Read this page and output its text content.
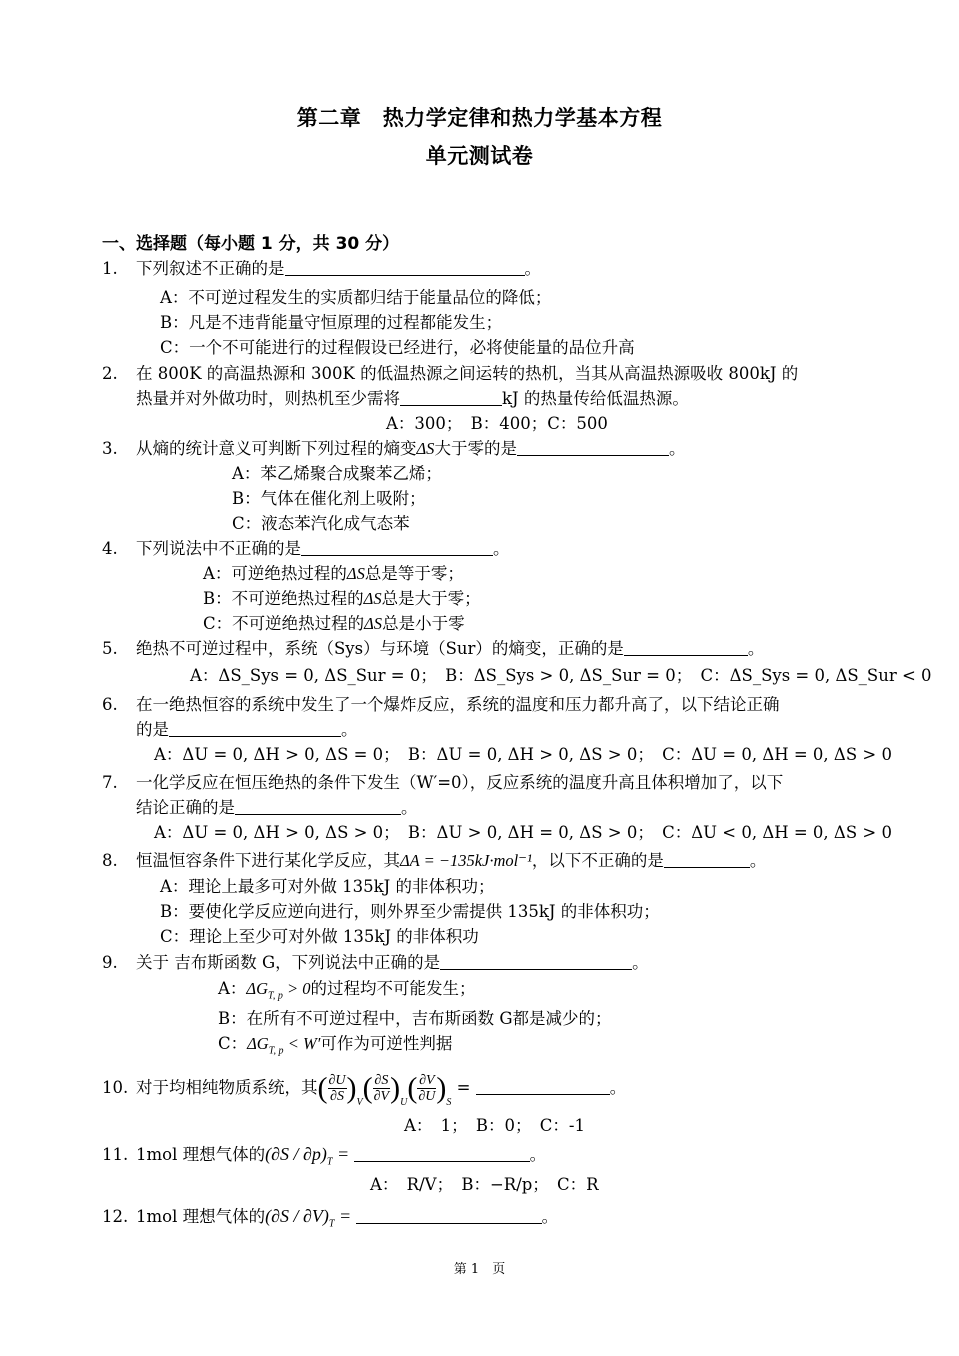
第二章　热力学定律和热力学基本方程
单元测试卷
一、选择题（每小题 1 分，共 30 分）
1. 下列叙述不正确的是	。
A：不可逆过程发生的实质都归结于能量品位的降低；
B：凡是不违背能量守恒原理的过程都能发生；
C：一个不可能进行的过程假设已经进行，必将使能量的品位升高
2. 在 800K 的高温热源和 300K 的低温热源之间运转的热机，当其从高温热源吸收 800kJ 的
热量并对外做功时，则热机至少需将	kJ 的热量传给低温热源。
A：300；　B：400；C：500
3. 从熵的统计意义可判断下列过程的熵变ΔS大于零的是	。
A：苯乙烯聚合成聚苯乙烯；
B：气体在催化剂上吸附；
C：液态苯汽化成气态苯
4. 下列说法中不正确的是	。
A：可逆绝热过程的ΔS总是等于零；
B：不可逆绝热过程的ΔS总是大于零；
C：不可逆绝热过程的ΔS总是小于零
5. 绝热不可逆过程中，系统（Sys）与环境（Sur）的熵变，正确的是	。
A：ΔS_Sys = 0, ΔS_Sur = 0；　B：ΔS_Sys > 0, ΔS_Sur = 0；　C：ΔS_Sys = 0, ΔS_Sur < 0
6. 在一绝热恒容的系统中发生了一个爆炸反应，系统的温度和压力都升高了，以下结论正确
的是	。
A：ΔU = 0, ΔH > 0, ΔS = 0；　B：ΔU = 0, ΔH > 0, ΔS > 0；　C：ΔU = 0, ΔH = 0, ΔS > 0
7. 一化学反应在恒压绝热的条件下发生（W′=0），反应系统的温度升高且体积增加了，以下
结论正确的是	。
A：ΔU = 0, ΔH > 0, ΔS > 0；　B：ΔU > 0, ΔH = 0, ΔS > 0；　C：ΔU < 0, ΔH = 0, ΔS > 0
8. 恒温恒容条件下进行某化学反应，其ΔA = −135kJ·mol⁻¹，以下不正确的是	。
A：理论上最多可对外做 135kJ 的非体积功；
B：要使化学反应逆向进行，则外界至少需提供 135kJ 的非体积功；
C：理论上至少可对外做 135kJ 的非体积功
9. 关于 吉布斯函数 G，下列说法中正确的是	。
A：$\Delta G_{T, p} > 0$的过程均不可能发生；
B：在所有不可逆过程中，吉布斯函数 G都是减少的；
C：$\Delta G_{T, p} < W'$可作为可逆性判据
10. 对于均相纯物质系统，其( $\frac{\partial U}{\partial S} )_V( \frac{\partial S}{\partial V} )_U( \frac{\partial V}{\partial U} )_S$ =	。
A：　1；　B：0；　C：-1
11. 1mol 理想气体的$(\partial S / \partial p)_T$ =	。
A：　R/V；　B：−R/p；　C：R
12. 1mol 理想气体的$(\partial S / \partial V)_T$ =	。
第 1　页
